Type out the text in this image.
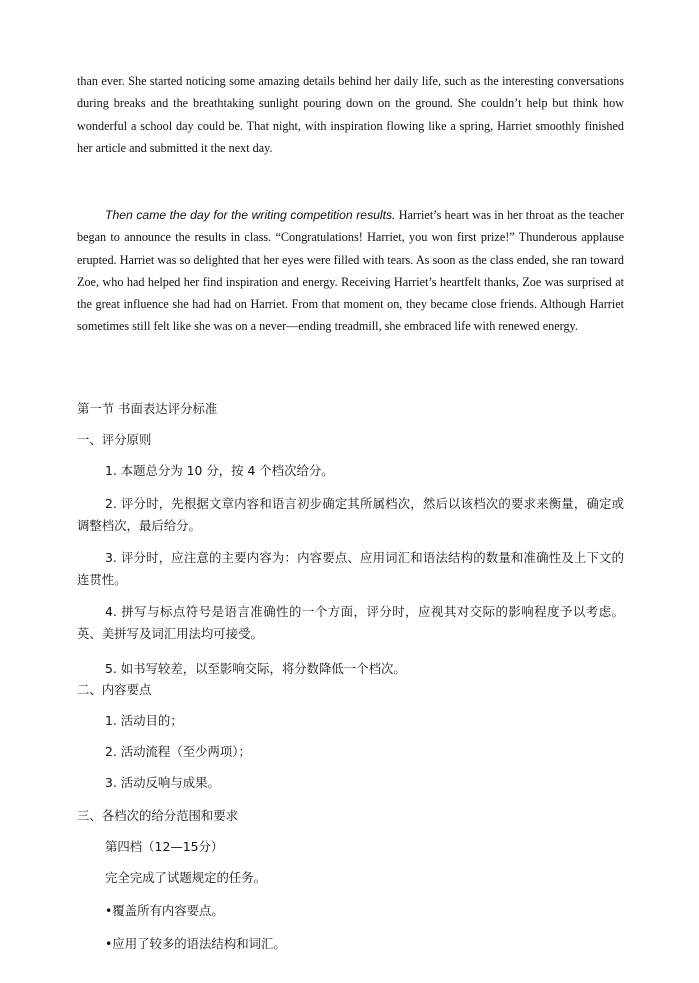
than ever. She started noticing some amazing details behind her daily life, such as the interesting conversations during breaks and the breathtaking sunlight pouring down on the ground. She couldn’t help but think how wonderful a school day could be. That night, with inspiration flowing like a spring, Harriet smoothly finished her article and submitted it the next day.

Then came the day for the writing competition results. Harriet’s heart was in her throat as the teacher began to announce the results in class. “Congratulations! Harriet, you won first prize!” Thunderous applause erupted. Harriet was so delighted that her eyes were filled with tears. As soon as the class ended, she ran toward Zoe, who had helped her find inspiration and energy. Receiving Harriet’s heartfelt thanks, Zoe was surprised at the great influence she had had on Harriet. From that moment on, they became close friends. Although Harriet sometimes still felt like she was on a never—ending treadmill, she embraced life with renewed energy.

第一节 书面表达评分标准

一、评分原则

1. 本题总分为 10 分，按 4 个档次给分。

2. 评分时，先根据文章内容和语言初步确定其所属档次，然后以该档次的要求来衡量，确定或调整档次，最后给分。

3. 评分时，应注意的主要内容为：内容要点、应用词汇和语法结构的数量和准确性及上下文的连贯性。

4. 拼写与标点符号是语言准确性的一个方面，评分时，应视其对交际的影响程度予以考虑。英、美拼写及词汇用法均可接受。

5. 如书写较差，以至影响交际，将分数降低一个档次。

二、内容要点

1. 活动目的；

2. 活动流程（至少两项）；

3. 活动反响与成果。

三、各档次的给分范围和要求

第四档（12—15分）

完全完成了试题规定的任务。

•覆盖所有内容要点。

•应用了较多的语法结构和词汇。
